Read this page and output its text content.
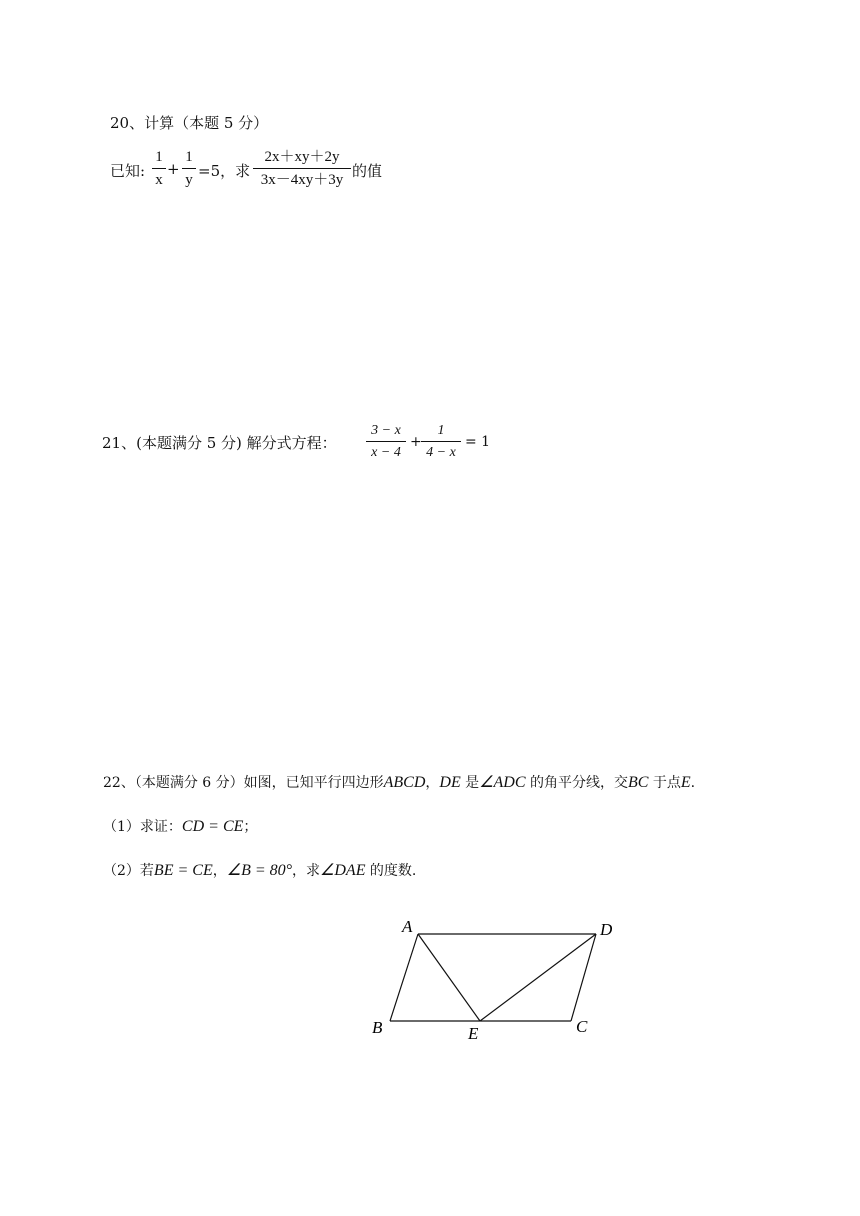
20、计算（本题 5 分）
已知:
1
x
+
1
y =5，求
2x＋xy＋2y
3x－4xy＋3y 的值
21、(本题满分 5 分) 解分式方程：
3 − x
x − 4
+
1
4 − x
= 1
22、（本题满分 6 分）如图，已知平行四边形ABCD，DE 是∠ADC 的角平分线，交BC 于点E.
（1）求证：CD = CE；
（2）若BE = CE，∠B = 80°，求∠DAE 的度数.
A	D
B	E	C
